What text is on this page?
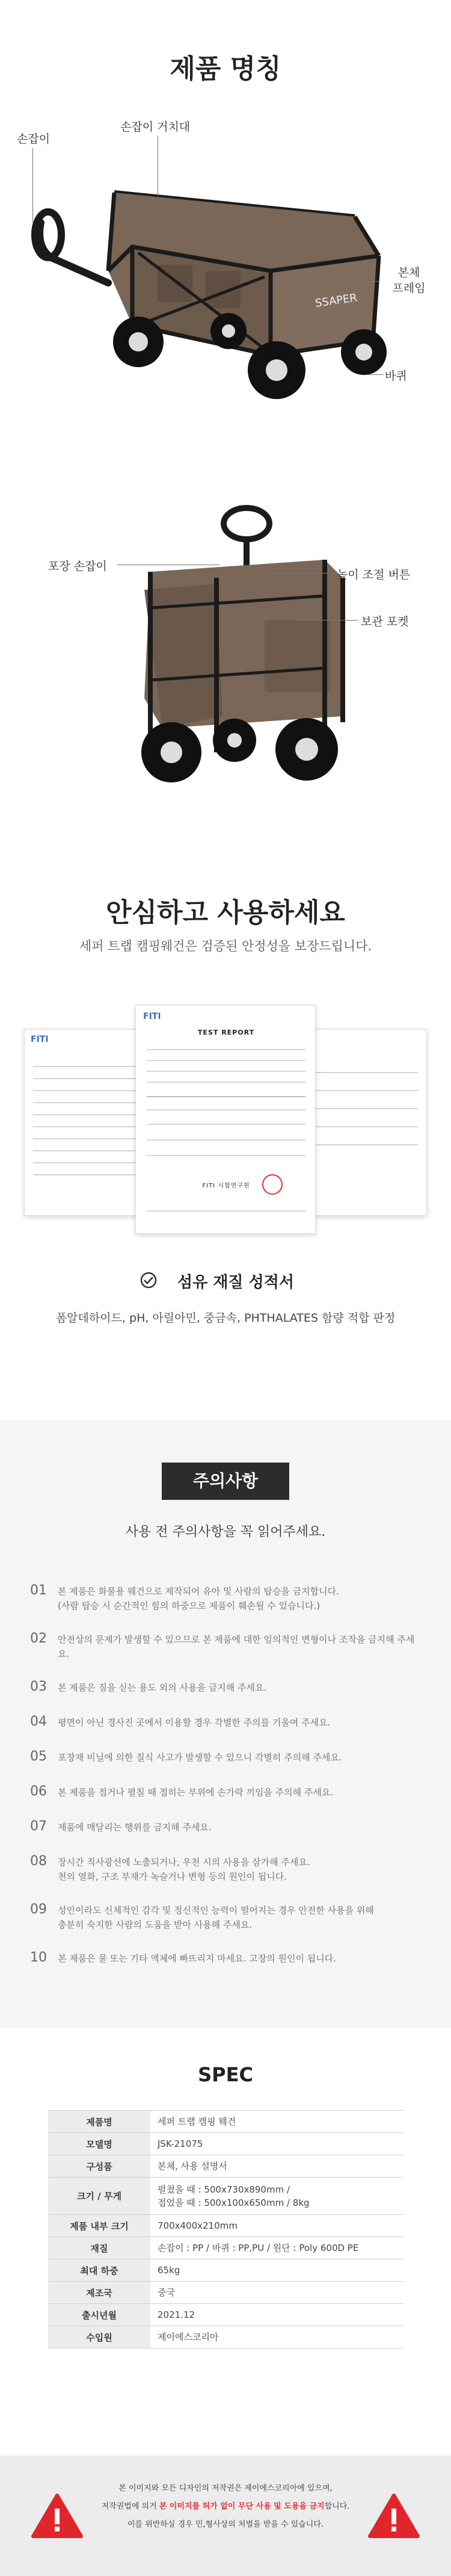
제품 명칭
SSAPER
손잡이
손잡이 거치대
본체
프레임
바퀴
포장 손잡이
높이 조절 버튼
보관 포켓
안심하고 사용하세요
세퍼 트랩 캠핑웨건은 검증된 안정성을 보장드립니다.
FITI
FITI
TEST REPORT
FITI 시험연구원
섬유 재질 성적서
폼알데하이드, pH, 아릴아민, 중금속, PHTHALATES 함량 적합 판정
주의사항
사용 전 주의사항을 꼭 읽어주세요.
01	본 제품은 화물용 웨건으로 제작되어 유아 및 사람의 탑승을 금지합니다.
(사람 탑승 시 순간적인 힘의 하중으로 제품이 훼손될 수 있습니다.)
02	안전상의 문제가 발생할 수 있으므로 본 제품에 대한 임의적인 변형이나 조작을 금지해 주세요.
03	본 제품은 짐을 싣는 용도 외의 사용을 금지해 주세요.
04	평면이 아닌 경사진 곳에서 이용할 경우 각별한 주의를 기울여 주세요.
05	포장재 비닐에 의한 질식 사고가 발생할 수 있으니 각별히 주의해 주세요.
06	본 제품을 접거나 펼칠 때 접히는 부위에 손가락 끼임을 주의해 주세요.
07	제품에 매달리는 행위를 금지해 주세요.
08	장시간 직사광선에 노출되거나, 우천 시의 사용을 삼가해 주세요.
천의 열화, 구조 부재가 녹슬거나 변형 등의 원인이 됩니다.
09	성인이라도 신체적인 감각 및 정신적인 능력이 떨어지는 경우 안전한 사용을 위해
충분히 숙지한 사람의 도움을 받아 사용해 주세요.
10	본 제품은 물 또는 기타 액체에 빠뜨리지 마세요. 고장의 원인이 됩니다.
SPEC
제품명	세퍼 트랩 캠핑 웨건
모델명	JSK-21075
구성품	본체, 사용 설명서
크기 / 무게	펼쳤을 때 : 500x730x890mm /
접었을 때 : 500x100x650mm / 8kg
제품 내부 크기	700x400x210mm
재질	손잡이 : PP / 바퀴 : PP,PU / 원단 : Poly 600D PE
최대 하중	65kg
제조국	중국
출시년월	2021.12
수입원	제이에스코리아
본 이미지와 모든 디자인의 저작권은 제이에스코리아에 있으며,
저작권법에 의거 본 이미지를 허가 없이 무단 사용 및 도용을 금지합니다.
이를 위반하실 경우 민,형사상의 처벌을 받을 수 있습니다.
